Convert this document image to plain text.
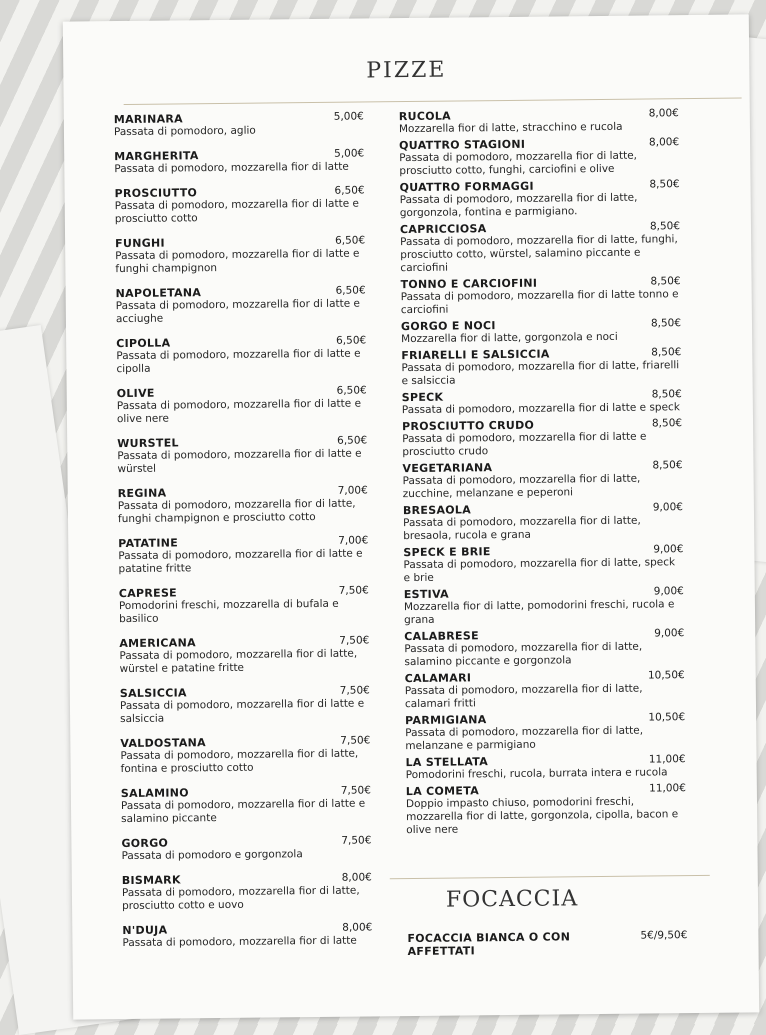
PIZZE
MARINARA	5,00€
Passata di pomodoro, aglio
MARGHERITA	5,00€
Passata di pomodoro, mozzarella fior di latte
PROSCIUTTO	6,50€
Passata di pomodoro, mozzarella fior di latte e prosciutto cotto
FUNGHI	6,50€
Passata di pomodoro, mozzarella fior di latte e funghi champignon
NAPOLETANA	6,50€
Passata di pomodoro, mozzarella fior di latte e acciughe
CIPOLLA	6,50€
Passata di pomodoro, mozzarella fior di latte e cipolla
OLIVE	6,50€
Passata di pomodoro, mozzarella fior di latte e olive nere
WURSTEL	6,50€
Passata di pomodoro, mozzarella fior di latte e würstel
REGINA	7,00€
Passata di pomodoro, mozzarella fior di latte, funghi champignon e prosciutto cotto
PATATINE	7,00€
Passata di pomodoro, mozzarella fior di latte e patatine fritte
CAPRESE	7,50€
Pomodorini freschi, mozzarella di bufala e basilico
AMERICANA	7,50€
Passata di pomodoro, mozzarella fior di latte, würstel e patatine fritte
SALSICCIA	7,50€
Passata di pomodoro, mozzarella fior di latte e salsiccia
VALDOSTANA	7,50€
Passata di pomodoro, mozzarella fior di latte, fontina e prosciutto cotto
SALAMINO	7,50€
Passata di pomodoro, mozzarella fior di latte e salamino piccante
GORGO	7,50€
Passata di pomodoro e gorgonzola
BISMARK	8,00€
Passata di pomodoro, mozzarella fior di latte, prosciutto cotto e uovo
N'DUJA	8,00€
Passata di pomodoro, mozzarella fior di latte
RUCOLA	8,00€
Mozzarella fior di latte, stracchino e rucola
QUATTRO STAGIONI	8,00€
Passata di pomodoro, mozzarella fior di latte, prosciutto cotto, funghi, carciofini e olive
QUATTRO FORMAGGI	8,50€
Passata di pomodoro, mozzarella fior di latte, gorgonzola, fontina e parmigiano.
CAPRICCIOSA	8,50€
Passata di pomodoro, mozzarella fior di latte, funghi, prosciutto cotto, würstel, salamino piccante e carciofini
TONNO E CARCIOFINI	8,50€
Passata di pomodoro, mozzarella fior di latte tonno e carciofini
GORGO E NOCI	8,50€
Mozzarella fior di latte, gorgonzola e noci
FRIARELLI E SALSICCIA	8,50€
Passata di pomodoro, mozzarella fior di latte, friarelli e salsiccia
SPECK	8,50€
Passata di pomodoro, mozzarella fior di latte e speck
PROSCIUTTO CRUDO	8,50€
Passata di pomodoro, mozzarella fior di latte e prosciutto crudo
VEGETARIANA	8,50€
Passata di pomodoro, mozzarella fior di latte, zucchine, melanzane e peperoni
BRESAOLA	9,00€
Passata di pomodoro, mozzarella fior di latte, bresaola, rucola e grana
SPECK E BRIE	9,00€
Passata di pomodoro, mozzarella fior di latte, speck e brie
ESTIVA	9,00€
Mozzarella fior di latte, pomodorini freschi, rucola e grana
CALABRESE	9,00€
Passata di pomodoro, mozzarella fior di latte, salamino piccante e gorgonzola
CALAMARI	10,50€
Passata di pomodoro, mozzarella fior di latte, calamari fritti
PARMIGIANA	10,50€
Passata di pomodoro, mozzarella fior di latte, melanzane e parmigiano
LA STELLATA	11,00€
Pomodorini freschi, rucola, burrata intera e rucola
LA COMETA	11,00€
Doppio impasto chiuso, pomodorini freschi, mozzarella fior di latte, gorgonzola, cipolla, bacon e olive nere
FOCACCIA
FOCACCIA BIANCA O CON AFFETTATI
5€/9,50€
